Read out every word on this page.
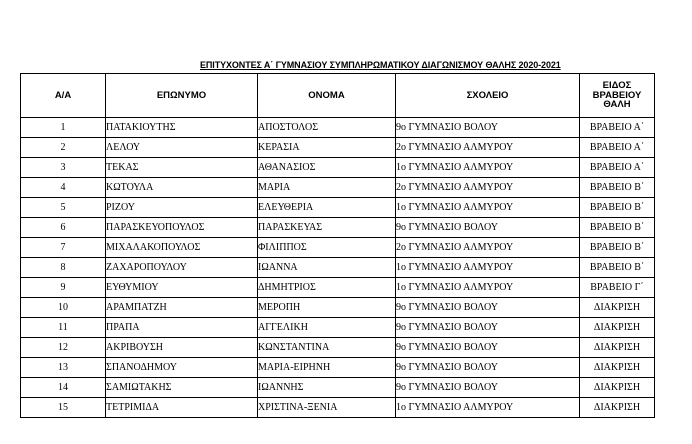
ΕΠΙΤΥΧΟΝΤΕΣ Α΄ ΓΥΜΝΑΣΙΟΥ ΣΥΜΠΛΗΡΩΜΑΤΙΚΟΥ ΔΙΑΓΩΝΙΣΜΟΥ ΘΑΛΗΣ 2020-2021
Α/Α	ΕΠΩΝΥΜΟ	ΟΝΟΜΑ	ΣΧΟΛΕΙΟ	ΕΙΔΟΣ
ΒΡΑΒΕΙΟΥ
ΘΑΛΗ
1	ΠΑΤΑΚΙΟΥΤΗΣ	ΑΠΟΣΤΟΛΟΣ	9ο ΓΥΜΝΑΣΙΟ ΒΟΛΟΥ	ΒΡΑΒΕΙΟ Α΄
2	ΛΕΛΟΥ	ΚΕΡΑΣΙΑ	2ο ΓΥΜΝΑΣΙΟ ΑΛΜΥΡΟΥ	ΒΡΑΒΕΙΟ Α΄
3	ΤΕΚΑΣ	ΑΘΑΝΑΣΙΟΣ	1ο ΓΥΜΝΑΣΙΟ ΑΛΜΥΡΟΥ	ΒΡΑΒΕΙΟ Α΄
4	ΚΩΤΟΥΛΑ	ΜΑΡΙΑ	2ο ΓΥΜΝΑΣΙΟ ΑΛΜΥΡΟΥ	ΒΡΑΒΕΙΟ Β΄
5	ΡΙΖΟΥ	ΕΛΕΥΘΕΡΙΑ	1ο ΓΥΜΝΑΣΙΟ ΑΛΜΥΡΟΥ	ΒΡΑΒΕΙΟ Β΄
6	ΠΑΡΑΣΚΕΥΟΠΟΥΛΟΣ	ΠΑΡΑΣΚΕΥΑΣ	9ο ΓΥΜΝΑΣΙΟ ΒΟΛΟΥ	ΒΡΑΒΕΙΟ Β΄
7	ΜΙΧΑΛΑΚΟΠΟΥΛΟΣ	ΦΙΛΙΠΠΟΣ	2ο ΓΥΜΝΑΣΙΟ ΑΛΜΥΡΟΥ	ΒΡΑΒΕΙΟ Β΄
8	ΖΑΧΑΡΟΠΟΥΛΟΥ	ΙΩΑΝΝΑ	1ο ΓΥΜΝΑΣΙΟ ΑΛΜΥΡΟΥ	ΒΡΑΒΕΙΟ Β΄
9	ΕΥΘΥΜΙΟΥ	ΔΗΜΗΤΡΙΟΣ	1ο ΓΥΜΝΑΣΙΟ ΑΛΜΥΡΟΥ	ΒΡΑΒΕΙΟ Γ΄
10	ΑΡΑΜΠΑΤΖΗ	ΜΕΡΟΠΗ	9ο ΓΥΜΝΑΣΙΟ ΒΟΛΟΥ	ΔΙΑΚΡΙΣΗ
11	ΠΡΑΠΑ	ΑΓΓΕΛΙΚΗ	9ο ΓΥΜΝΑΣΙΟ ΒΟΛΟΥ	ΔΙΑΚΡΙΣΗ
12	ΑΚΡΙΒΟΥΣΗ	ΚΩΝΣΤΑΝΤΙΝΑ	9ο ΓΥΜΝΑΣΙΟ ΒΟΛΟΥ	ΔΙΑΚΡΙΣΗ
13	ΣΠΑΝΟΔΗΜΟΥ	ΜΑΡΙΑ-ΕΙΡΗΝΗ	9ο ΓΥΜΝΑΣΙΟ ΒΟΛΟΥ	ΔΙΑΚΡΙΣΗ
14	ΣΑΜΙΩΤΑΚΗΣ	ΙΩΑΝΝΗΣ	9ο ΓΥΜΝΑΣΙΟ ΒΟΛΟΥ	ΔΙΑΚΡΙΣΗ
15	ΤΕΤΡΙΜΙΔΑ	ΧΡΙΣΤΙΝΑ-ΞΕΝΙΑ	1ο ΓΥΜΝΑΣΙΟ ΑΛΜΥΡΟΥ	ΔΙΑΚΡΙΣΗ
